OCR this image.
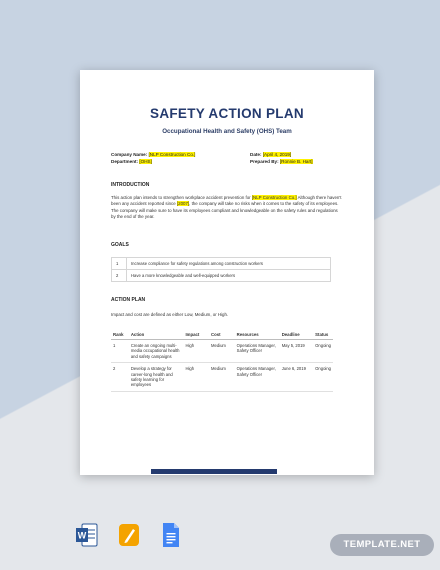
SAFETY ACTION PLAN
Occupational Health and Safety (OHS) Team
Company Name: [NLP Construction Co.]
Department: [OHS]
Date: [April 4, 2019]
Prepared By: [Ronnie B. Hart]
INTRODUCTION
This action plan intends to strengthen workplace accident prevention for [NLP Construction Co.] Although there haven't been any accident reported since [2007], the company will take no risks when it comes to the safety of its employees. The company will make sure to have its employees compliant and knowledgeable on the safety rules and regulations by the end of the year.
GOALS
1	Increase compliance for safety regulations among construction workers
2	Have a more knowledgeable and well-equipped workers
ACTION PLAN
Impact and cost are defined as either Low, Medium, or High.
Rank	Action	Impact	Cost	Resources	Deadline	Status
1	Create an ongoing multi-media occupational health and safety campaigns	High	Medium	Operations Manager, Safety Officer	May 5, 2019	Ongoing
2	Develop a strategy for career-long health and safety learning for employees	High	Medium	Operations Manager, Safety Officer	June 6, 2019	Ongoing
W
TEMPLATE.NET
